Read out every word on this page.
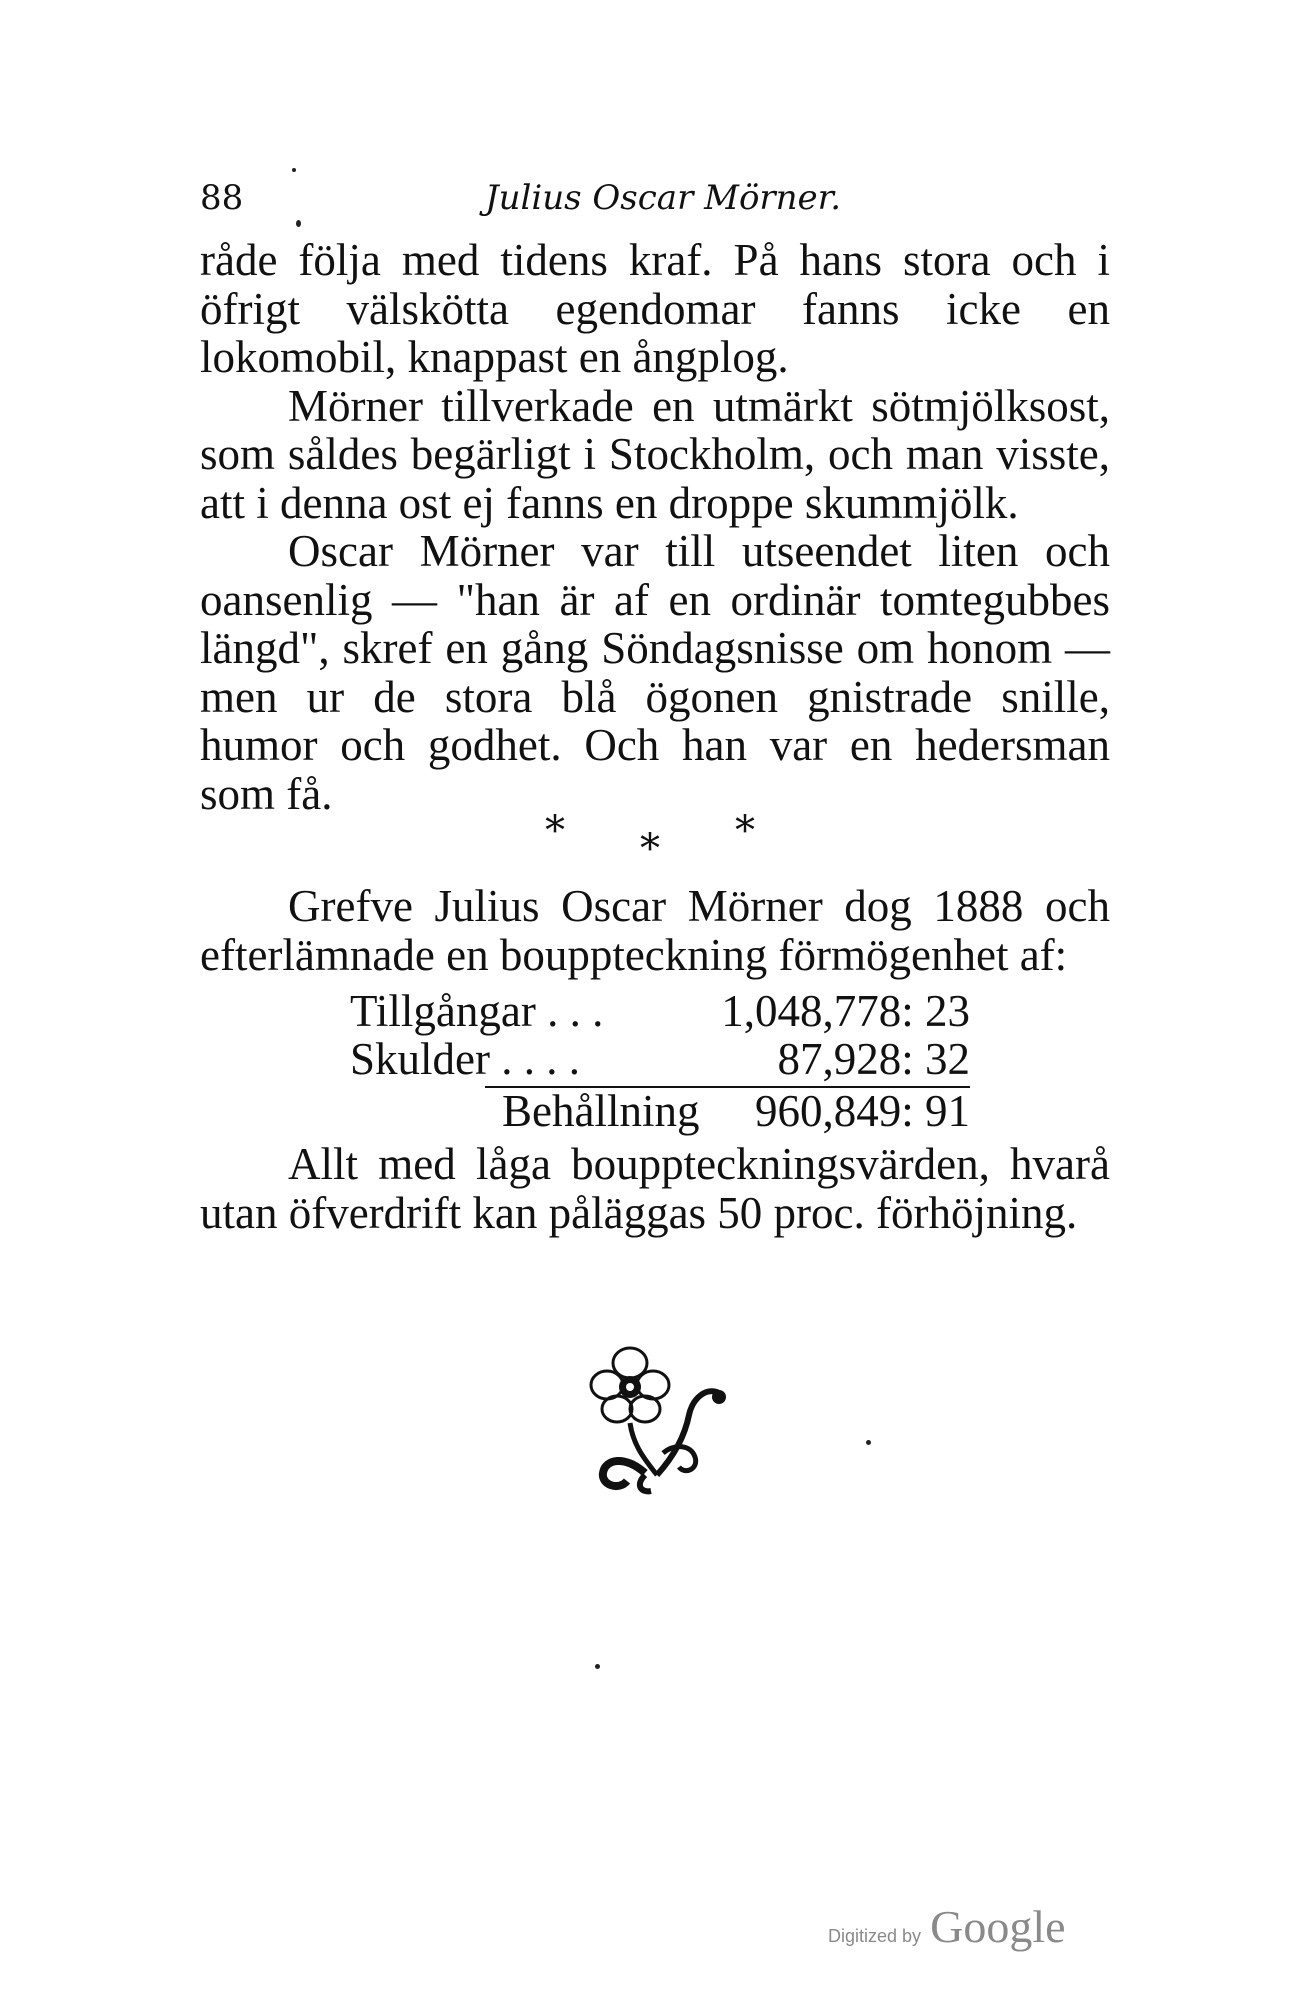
88	Julius Oscar Mörner.

råde följa med tidens kraf. På hans stora och i öfrigt välskötta egendomar fanns icke en lokomobil, knappast en ångplog.

Mörner tillverkade en utmärkt sötmjölksost, som såldes begärligt i Stockholm, och man visste, att i denna ost ej fanns en droppe skummjölk.

Oscar Mörner var till utseendet liten och oansenlig — "han är af en ordinär tomtegubbes längd", skref en gång Söndagsnisse om honom — men ur de stora blå ögonen gnistrade snille, humor och godhet. Och han var en hedersman som få.

* * *

Grefve Julius Oscar Mörner dog 1888 och efterlämnade en bouppteckning förmögenhet af:

Tillgångar . . .	1,048,778: 23
Skulder . . . .	87,928: 32
Behållning 960,849: 91

Allt med låga bouppteckningsvärden, hvarå utan öfverdrift kan påläggas 50 proc. förhöjning.

Digitized by Google
